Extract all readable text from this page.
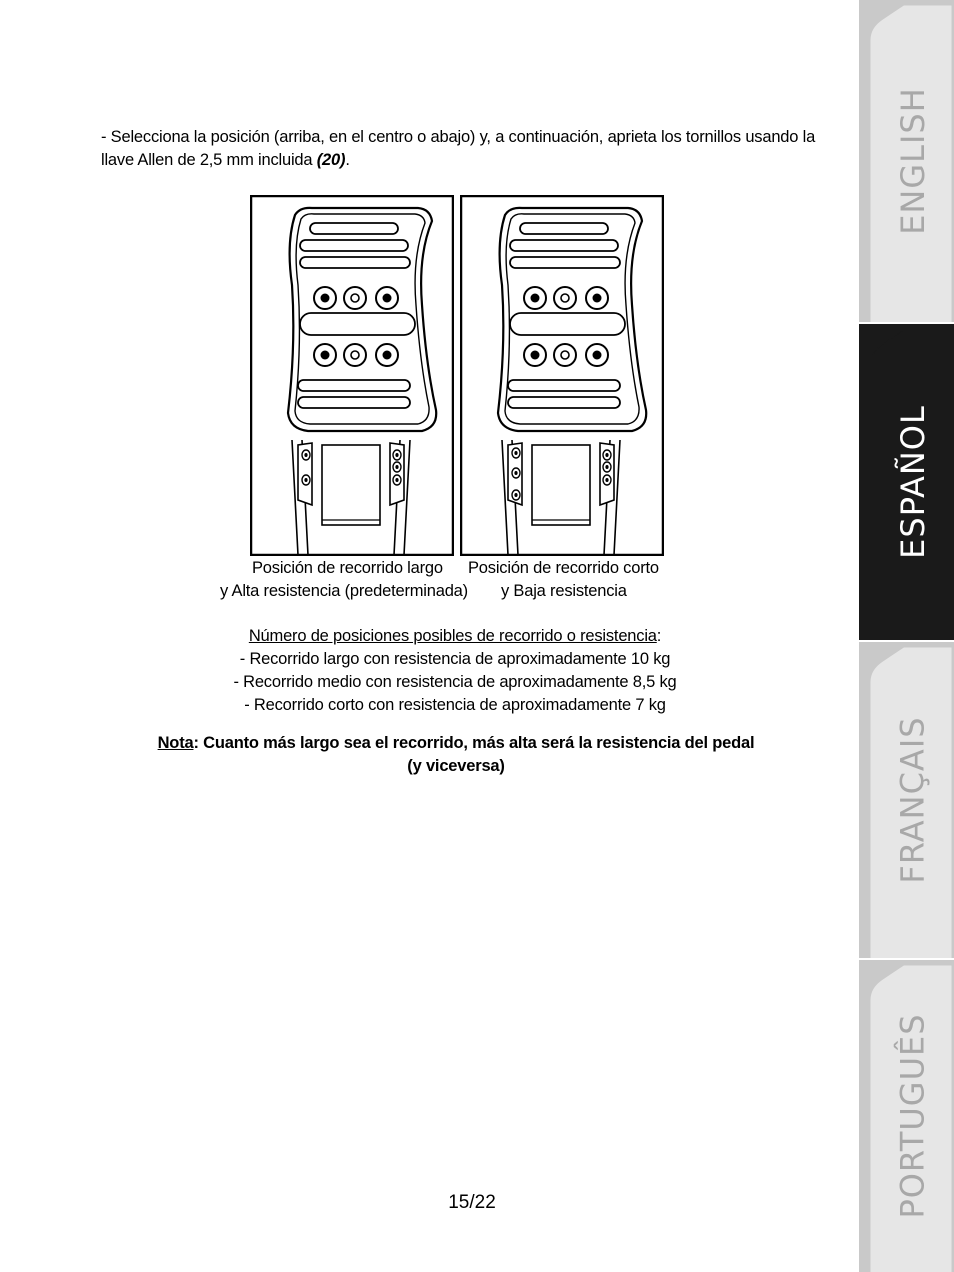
- Selecciona la posición (arriba, en el centro o abajo) y, a continuación, aprieta los tornillos usando la llave Allen de 2,5 mm incluida (20).
Posición de recorrido largo
y Alta resistencia (predeterminada)
Posición de recorrido corto
y Baja resistencia
Número de posiciones posibles de recorrido o resistencia:
- Recorrido largo con resistencia de aproximadamente 10 kg
- Recorrido medio con resistencia de aproximadamente 8,5 kg
- Recorrido corto con resistencia de aproximadamente 7 kg
Nota: Cuanto más largo sea el recorrido, más alta será la resistencia del pedal
(y viceversa)
15/22
ENGLISH
ESPAÑOL
FRANÇAIS
PORTUGUÊS
